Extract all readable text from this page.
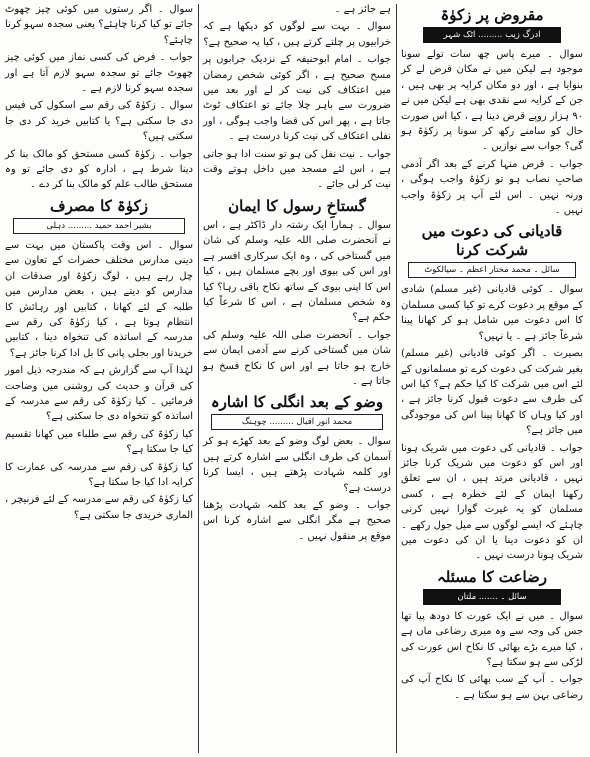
مقروض پر زکوٰۃ
ادرگ زیب ......... اٹک شہر

سوال ۔ میرے پاس چھ سات تولے سونا موجود ہے لیکن میں نے مکان قرض لے کر بنوایا ہے ، اور دو مکان کرایہ پر بھی ہیں ، جن کے کرایہ سے نقدی بھی ہے لیکن میں نے ۹۰ ہزار روپے قرض دینا ہے ، کیا اس صورت حال کو سامنے رکھ کر سونا پر زکوٰۃ ہو گی؟ جواب سے نوازیں ۔

جواب ۔ قرض منہا کرنے کے بعد اگر آدمی صاحبِ نصاب ہو تو زکوٰۃ واجب ہوگی ، ورنہ نہیں ۔ اس لئے آپ پر زکوٰۃ واجب نہیں ۔

قادیانی کی دعوت میں شرکت کرنا
سائل ۔ محمد مختار اعظم ۔ سیالکوٹ

سوال ۔ کوئی قادیانی (غیر مسلم) شادی کے موقع پر دعوت کرے تو کیا کسی مسلمان کا اس دعوت میں شامل ہو کر کھانا پینا شرعاً جائز ہے ۔ یا نہیں؟

بصیرت ۔ اگر کوئی قادیانی (غیر مسلم) بغیر شرکت کی دعوت کرے تو مسلمانوں کے لئے اس میں شرکت کا کیا حکم ہے؟ کیا اس کی طرف سے دعوت قبول کرنا جائز ہے ، اور کیا وہاں کا کھانا پینا اس کی موجودگی میں جائز ہے؟

جواب ۔ قادیانی کی دعوت میں شریک ہونا اور اس کو دعوت میں شریک کرنا جائز نہیں ، قادیانی مرتد ہیں ، ان سے تعلق رکھنا ایمان کے لئے خطرہ ہے ، کسی مسلمان کو یہ غیرت گوارا نہیں کرنی چاہئے کہ ایسے لوگوں سے میل جول رکھے ۔ ان کو دعوت دینا یا ان کی دعوت میں شریک ہونا درست نہیں ۔

رضاعت کا مسئلہ
سائل ۔ ....... ملتان

سوال ۔ میں نے ایک عورت کا دودھ پیا تھا جس کی وجہ سے وہ میری رضاعی ماں ہے ، کیا میرے بڑے بھائی کا نکاح اس عورت کی لڑکی سے ہو سکتا ہے؟

جواب ۔ آپ کے سب بھائی کا نکاح آپ کی رضاعی بہن سے ہو سکتا ہے ۔

ہے جائز ہے ۔

سوال ۔ بہت سے لوگوں کو دیکھا ہے کہ خرابیوں پر چلتے کرتے ہیں ، کیا یہ صحیح ہے؟

جواب ۔ امام ابوحنیفہ کے نزدیک جرابوں پر مسح صحیح ہے ، اگر کوئی شخص رمضان میں اعتکاف کی نیت کر لے اور بعد میں ضرورت سے باہر چلا جائے تو اعتکاف ٹوٹ جاتا ہے ، پھر اس کی قضا واجب ہوگی ، اور نفلی اعتکاف کی نیت کرنا درست ہے ۔

جواب ۔ نیت نفل کی ہو تو سنت ادا ہو جاتی ہے ، اس لئے مسجد میں داخل ہوتے وقت نیت کر لی جائے ۔

گستاخِ رسول کا ایمان

سوال ۔ ہمارا ایک رشتہ دار ڈاکٹر ہے ، اس نے آنحضرت صلی اللہ علیہ وسلم کی شان میں گستاخی کی ، وہ ایک سرکاری افسر ہے اور اس کی بیوی اور بچے مسلمان ہیں ، کیا اس کا اپنی بیوی کے ساتھ نکاح باقی رہا؟ کیا وہ شخص مسلمان ہے ، اس کا شرعاً کیا حکم ہے؟

جواب ۔ آنحضرت صلی اللہ علیہ وسلم کی شان میں گستاخی کرنے سے آدمی ایمان سے خارج ہو جاتا ہے اور اس کا نکاح فسخ ہو جاتا ہے ۔

وضو کے بعد انگلی کا اشارہ
محمد انور اقبال ......... چوہنگ

سوال ۔ بعض لوگ وضو کے بعد کھڑے ہو کر آسمان کی طرف انگلی سے اشارہ کرتے ہیں اور کلمہ شہادت پڑھتے ہیں ، ایسا کرنا درست ہے؟

جواب ۔ وضو کے بعد کلمہ شہادت پڑھنا صحیح ہے مگر انگلی سے اشارہ کرنا اس موقع پر منقول نہیں ۔

سوال ۔ اگر رستوں میں کوئی چیز چھوٹ جائے تو کیا کرنا چاہئے؟ یعنی سجدہ سہو کرنا چاہئے؟

جواب ۔ فرض کی کسی نماز میں کوئی چیز چھوٹ جائے تو سجدہ سہو لازم آتا ہے اور سجدہ سہو کرنا لازم ہے ۔

سوال ۔ زکوٰۃ کی رقم سے اسکول کی فیس دی جا سکتی ہے؟ یا کتابیں خرید کر دی جا سکتی ہیں؟

جواب ۔ زکوٰۃ کسی مستحق کو مالک بنا کر دینا شرط ہے ، ادارہ کو دی جائے تو وہ مستحق طالب علم کو مالک بنا کر دے ۔

زکوٰۃ کا مصرف
بشیر احمد حمید ......... دہلی

سوال ۔ اس وقت پاکستان میں بہت سے دینی مدارس مختلف حضرات کے تعاون سے چل رہے ہیں ، لوگ زکوٰۃ اور صدقات ان مدارس کو دیتے ہیں ، بعض مدارس میں طلبہ کے لئے کھانا ، کتابیں اور رہائش کا انتظام ہوتا ہے ، کیا زکوٰۃ کی رقم سے مدرسہ کے اساتذہ کی تنخواہ دینا ، کتابیں خریدنا اور بجلی پانی کا بل ادا کرنا جائز ہے؟

لہٰذا آپ سے گزارش ہے کہ مندرجہ ذیل امور کی قرآن و حدیث کی روشنی میں وضاحت فرمائیں ۔ کیا زکوٰۃ کی رقم سے مدرسہ کے اساتذہ کو تنخواہ دی جا سکتی ہے؟

کیا زکوٰۃ کی رقم سے طلباء میں کھانا تقسیم کیا جا سکتا ہے؟

کیا زکوٰۃ کی رقم سے مدرسہ کی عمارت کا کرایہ ادا کیا جا سکتا ہے؟

کیا زکوٰۃ کی رقم سے مدرسہ کے لئے فرنیچر ، الماری خریدی جا سکتی ہے؟
